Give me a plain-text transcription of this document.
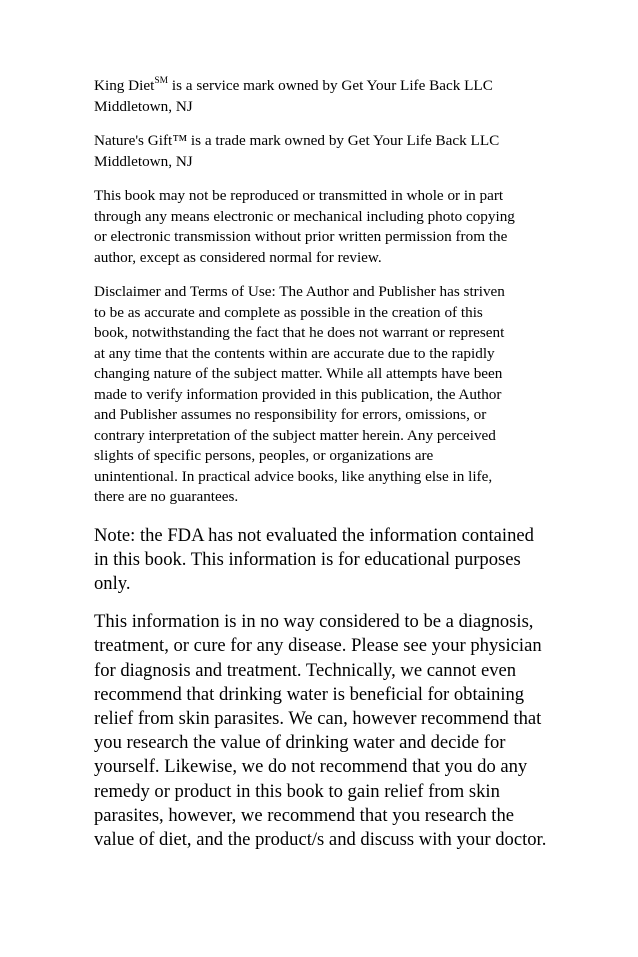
King Diet℠ is a service mark owned by Get Your Life Back LLC
Middletown, NJ

Nature's Gift™ is a trade mark owned by Get Your Life Back LLC
Middletown, NJ

This book may not be reproduced or transmitted in whole or in part
through any means electronic or mechanical including photo copying
or electronic transmission without prior written permission from the
author, except as considered normal for review.

Disclaimer and Terms of Use: The Author and Publisher has striven
to be as accurate and complete as possible in the creation of this
book, notwithstanding the fact that he does not warrant or represent
at any time that the contents within are accurate due to the rapidly
changing nature of the subject matter. While all attempts have been
made to verify information provided in this publication, the Author
and Publisher assumes no responsibility for errors, omissions, or
contrary interpretation of the subject matter herein. Any perceived
slights of specific persons, peoples, or organizations are
unintentional. In practical advice books, like anything else in life,
there are no guarantees.

Note: the FDA has not evaluated the information contained
in this book. This information is for educational purposes
only.

This information is in no way considered to be a diagnosis,
treatment, or cure for any disease. Please see your physician
for diagnosis and treatment. Technically, we cannot even
recommend that drinking water is beneficial for obtaining
relief from skin parasites. We can, however recommend that
you research the value of drinking water and decide for
yourself. Likewise, we do not recommend that you do any
remedy or product in this book to gain relief from skin
parasites, however, we recommend that you research the
value of diet, and the product/s and discuss with your doctor.
